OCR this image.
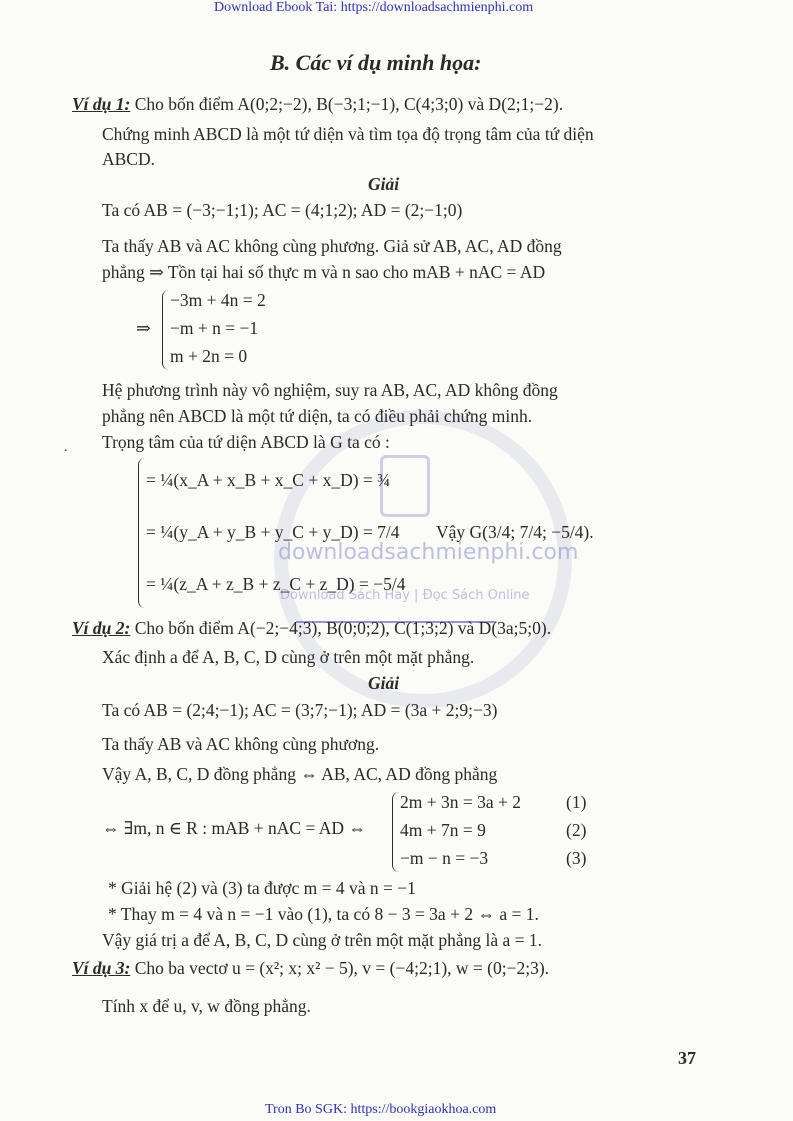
downloadsachmienphi.com
Download Sách Hay | Đọc Sách Online
Download Ebook Tai: https://downloadsachmienphi.com
Tron Bo SGK: https://bookgiaokhoa.com
37
B. Các ví dụ minh họa:
Ví dụ 1: Cho bốn điểm A(0;2;−2), B(−3;1;−1), C(4;3;0) và D(2;1;−2).
Chứng minh ABCD là một tứ diện và tìm tọa độ trọng tâm của tứ diện
ABCD.
Giải
Ta có AB = (−3;−1;1); AC = (4;1;2); AD = (2;−1;0)
Ta thấy AB và AC không cùng phương. Giả sử AB, AC, AD đồng
phẳng ⇒ Tồn tại hai số thực m và n sao cho mAB + nAC = AD
⇒
−3m + 4n = 2
−m + n = −1
m + 2n = 0
Hệ phương trình này vô nghiệm, suy ra AB, AC, AD không đồng
phẳng nên ABCD là một tứ diện, ta có điều phải chứng minh.
Trọng tâm của tứ diện ABCD là G ta có :
= ¼(x_A + x_B + x_C + x_D) = ¾
= ¼(y_A + y_B + y_C + y_D) = 7/4
= ¼(z_A + z_B + z_C + z_D) = −5/4
Vậy G(3/4; 7/4; −5/4).
Ví dụ 2: Cho bốn điểm A(−2;−4;3), B(0;0;2), C(1;3;2) và D(3a;5;0).
Xác định a để A, B, C, D cùng ở trên một mặt phẳng.
Giải
Ta có AB = (2;4;−1); AC = (3;7;−1); AD = (3a + 2;9;−3)
Ta thấy AB và AC không cùng phương.
Vậy A, B, C, D đồng phẳng ⇔ AB, AC, AD đồng phẳng
⇔ ∃m, n ∈ R : mAB + nAC = AD ⇔
2m + 3n = 3a + 2
4m + 7n = 9
−m − n = −3
(1)
(2)
(3)
* Giải hệ (2) và (3) ta được m = 4 và n = −1
* Thay m = 4 và n = −1 vào (1), ta có 8 − 3 = 3a + 2 ⇔ a = 1.
Vậy giá trị a để A, B, C, D cùng ở trên một mặt phẳng là a = 1.
Ví dụ 3: Cho ba vectơ u = (x²; x; x² − 5), v = (−4;2;1), w = (0;−2;3).
Tính x để u, v, w đồng phẳng.
.
